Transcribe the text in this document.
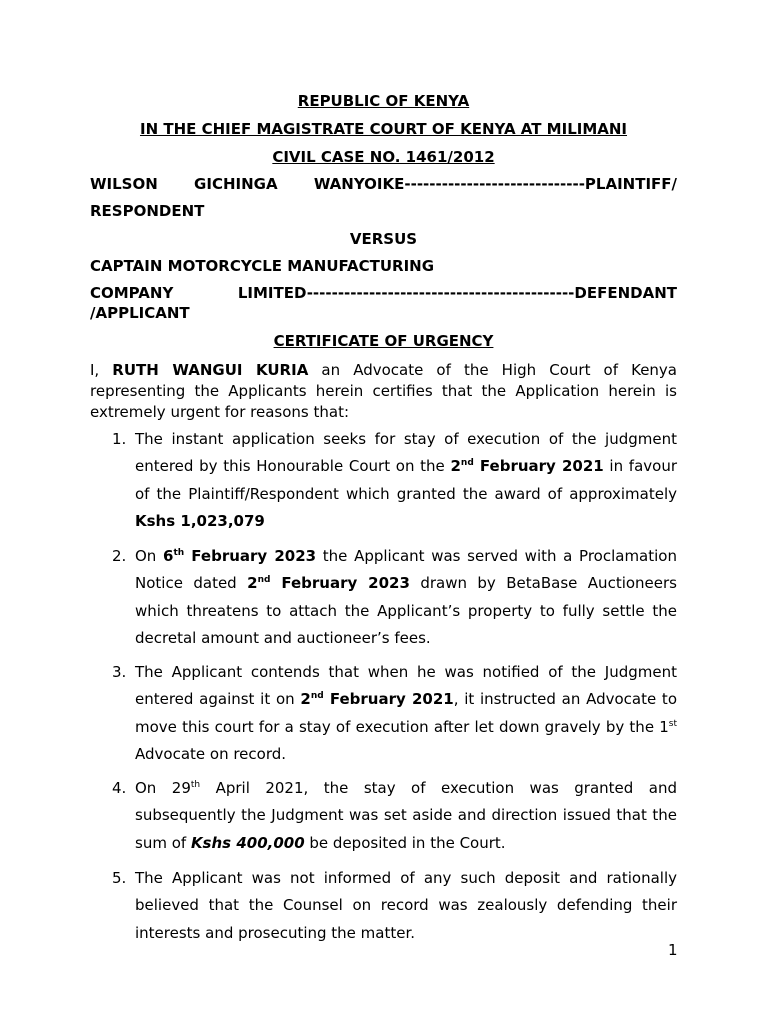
REPUBLIC OF KENYA
IN THE CHIEF MAGISTRATE COURT OF KENYA AT MILIMANI
CIVIL CASE NO. 1461/2012
WILSON GICHINGA WANYOIKE-----------------------------PLAINTIFF/
RESPONDENT
VERSUS
CAPTAIN MOTORCYCLE MANUFACTURING
COMPANY	LIMITED-------------------------------------------DEFENDANT
/APPLICANT
CERTIFICATE OF URGENCY
I, RUTH WANGUI KURIA an Advocate of the High Court of Kenya representing the Applicants herein certifies that the Application herein is extremely urgent for reasons that:
1. The instant application seeks for stay of execution of the judgment
entered by this Honourable Court on the 2nd February 2021 in favour
of the Plaintiff/Respondent which granted the award of approximately
Kshs 1,023,079
2. On 6th February 2023 the Applicant was served with a Proclamation
Notice dated 2nd February 2023 drawn by BetaBase Auctioneers
which threatens to attach the Applicant’s property to fully settle the
decretal amount and auctioneer’s fees.
3. The Applicant contends that when he was notified of the Judgment
entered against it on 2nd February 2021, it instructed an Advocate to
move this court for a stay of execution after let down gravely by the 1st
Advocate on record.
4. On 29th April 2021, the stay of execution was granted and
subsequently the Judgment was set aside and direction issued that the
sum of Kshs 400,000 be deposited in the Court.
5. The Applicant was not informed of any such deposit and rationally
believed that the Counsel on record was zealously defending their
interests and prosecuting the matter.
1
